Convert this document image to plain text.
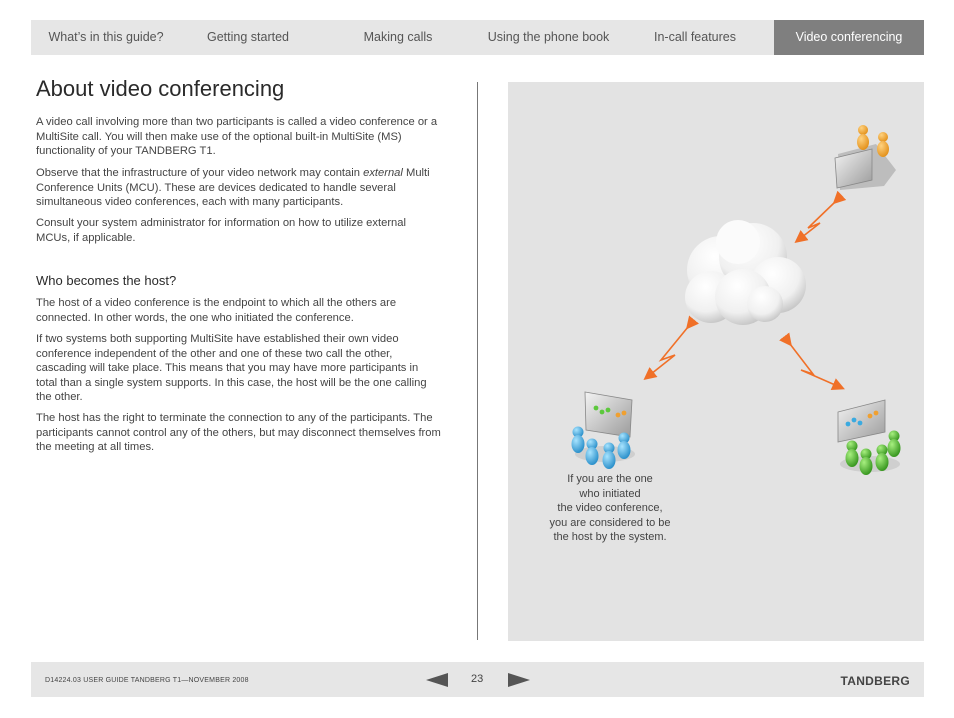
What’s in this guide?	Getting started	Making calls	Using the phone book	In-call features	Video conferencing
About video conferencing

A video call involving more than two participants is called a video conference or a MultiSite call. You will then make use of the optional built-in MultiSite (MS) functionality of your TANDBERG T1.

Observe that the infrastructure of your video network may contain external Multi Conference Units (MCU). These are devices dedicated to handle several simultaneous video conferences, each with many participants.

Consult your system administrator for information on how to utilize external MCUs, if applicable.

Who becomes the host?

The host of a video conference is the endpoint to which all the others are connected. In other words, the one who initiated the conference.

If two systems both supporting MultiSite have established their own video conference independent of the other and one of these two call the other, cascading will take place. This means that you may have more participants in total than a single system supports. In this case, the host will be the one calling the other.

The host has the right to terminate the connection to any of the participants. The participants cannot control any of the others, but may disconnect themselves from the meeting at all times.

If you are the one
who initiated
the video conference,
you are considered to be
the host by the system.

D14224.03 USER GUIDE TANDBERG T1—NOVEMBER 2008	23	TANDBERG
